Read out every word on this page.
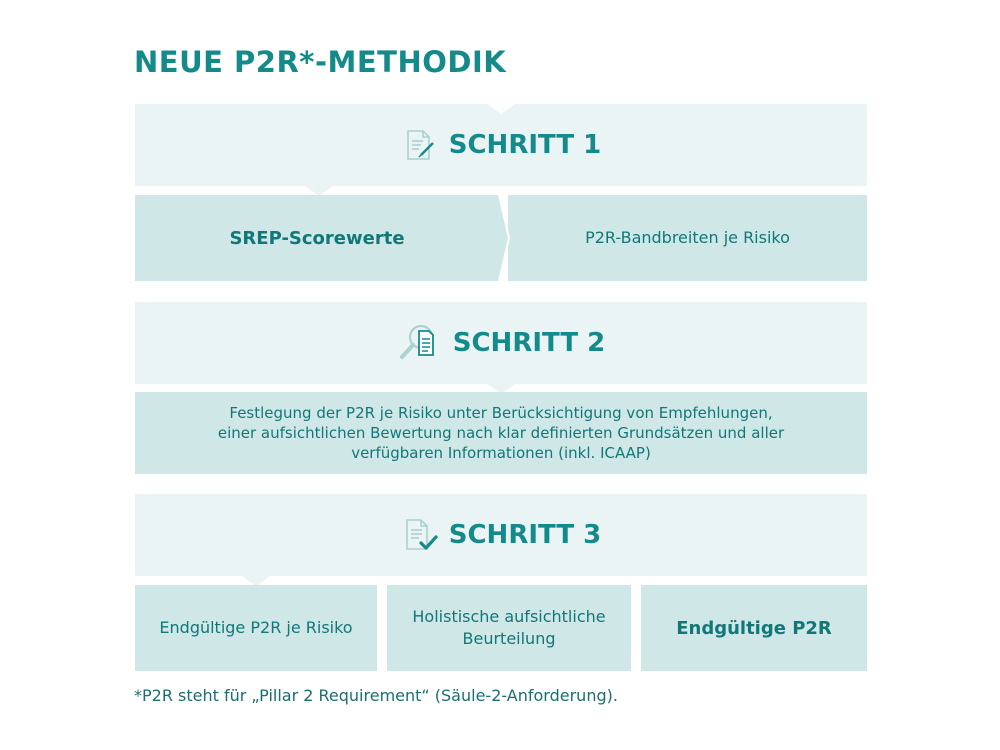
NEUE P2R*-METHODIK
SCHRITT 1
SREP-Scorewerte	P2R-Bandbreiten je Risiko
SCHRITT 2
Festlegung der P2R je Risiko unter Berücksichtigung von Empfehlungen,
einer aufsichtlichen Bewertung nach klar definierten Grundsätzen und aller
verfügbaren Informationen (inkl. ICAAP)
SCHRITT 3
Endgültige P2R je Risiko
Holistische aufsichtliche
Beurteilung	Endgültige P2R

*P2R steht für „Pillar 2 Requirement“ (Säule-2-Anforderung).
